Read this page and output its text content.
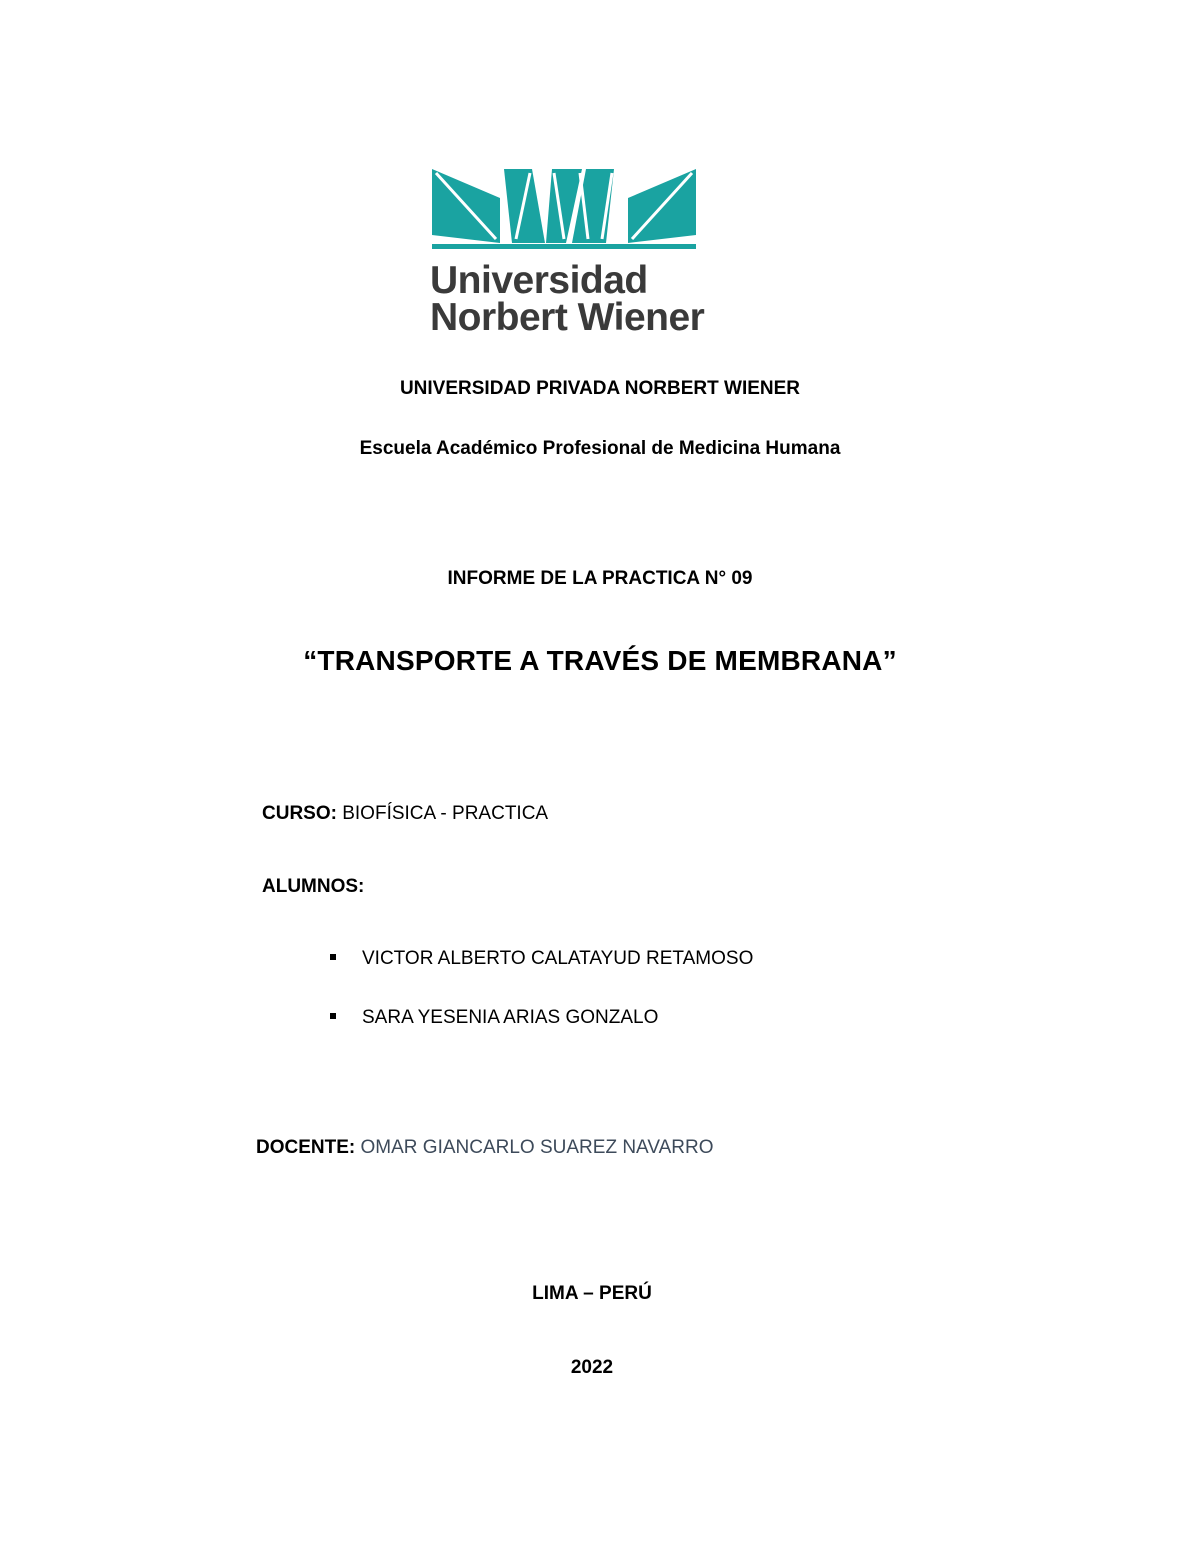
Universidad
Norbert Wiener
UNIVERSIDAD PRIVADA NORBERT WIENER
Escuela Académico Profesional de Medicina Humana
INFORME DE LA PRACTICA N° 09
“TRANSPORTE A TRAVÉS DE MEMBRANA”
CURSO: BIOFÍSICA - PRACTICA
ALUMNOS:
VICTOR ALBERTO CALATAYUD RETAMOSO
SARA YESENIA ARIAS GONZALO
DOCENTE: OMAR GIANCARLO SUAREZ NAVARRO
LIMA – PERÚ
2022
